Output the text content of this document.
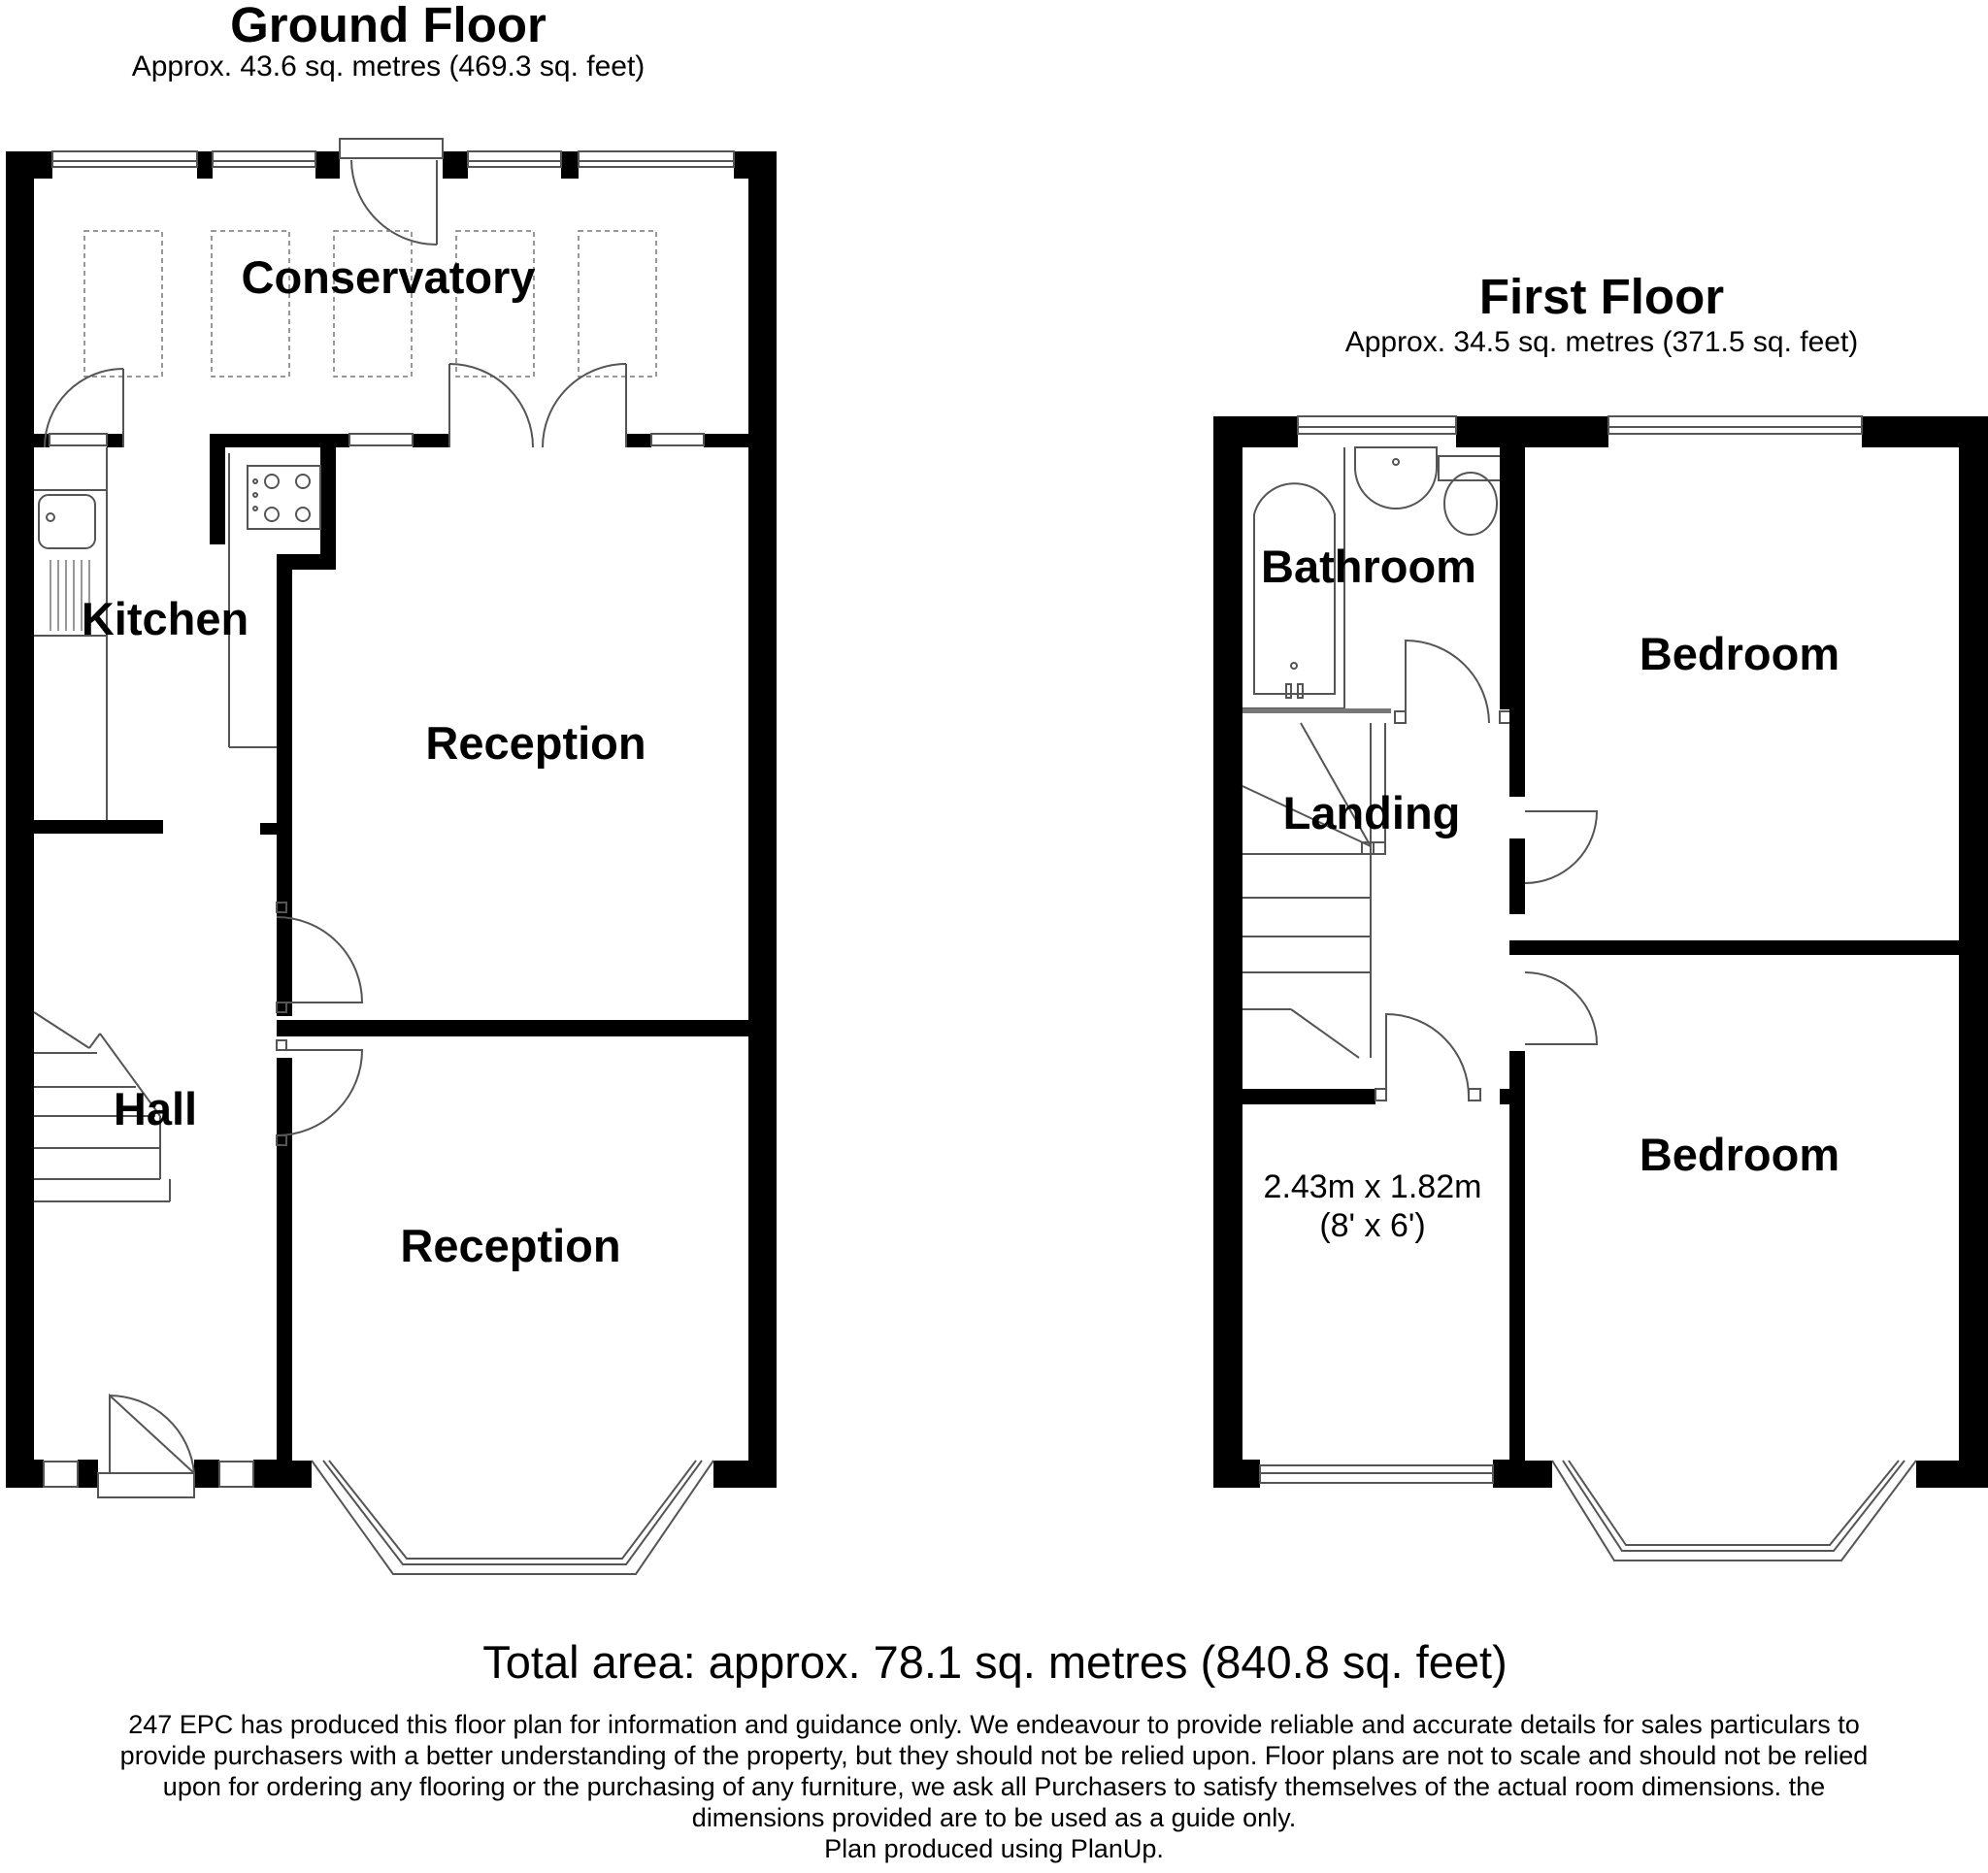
Ground Floor
Approx. 43.6 sq. metres (469.3 sq. feet)
First Floor
Approx. 34.5 sq. metres (371.5 sq. feet)
Conservatory
Kitchen
Reception
Hall
Reception
Bathroom
Landing
Bedroom
Bedroom
2.43m x 1.82m
(8' x 6')
Total area: approx. 78.1 sq. metres (840.8 sq. feet)
247 EPC has produced this floor plan for information and guidance only. We endeavour to provide reliable and accurate details for sales particulars to provide purchasers with a better understanding of the property, but they should not be relied upon. Floor plans are not to scale and should not be relied upon for ordering any flooring or the purchasing of any furniture, we ask all Purchasers to satisfy themselves of the actual room dimensions. the dimensions provided are to be used as a guide only.
Plan produced using PlanUp.
